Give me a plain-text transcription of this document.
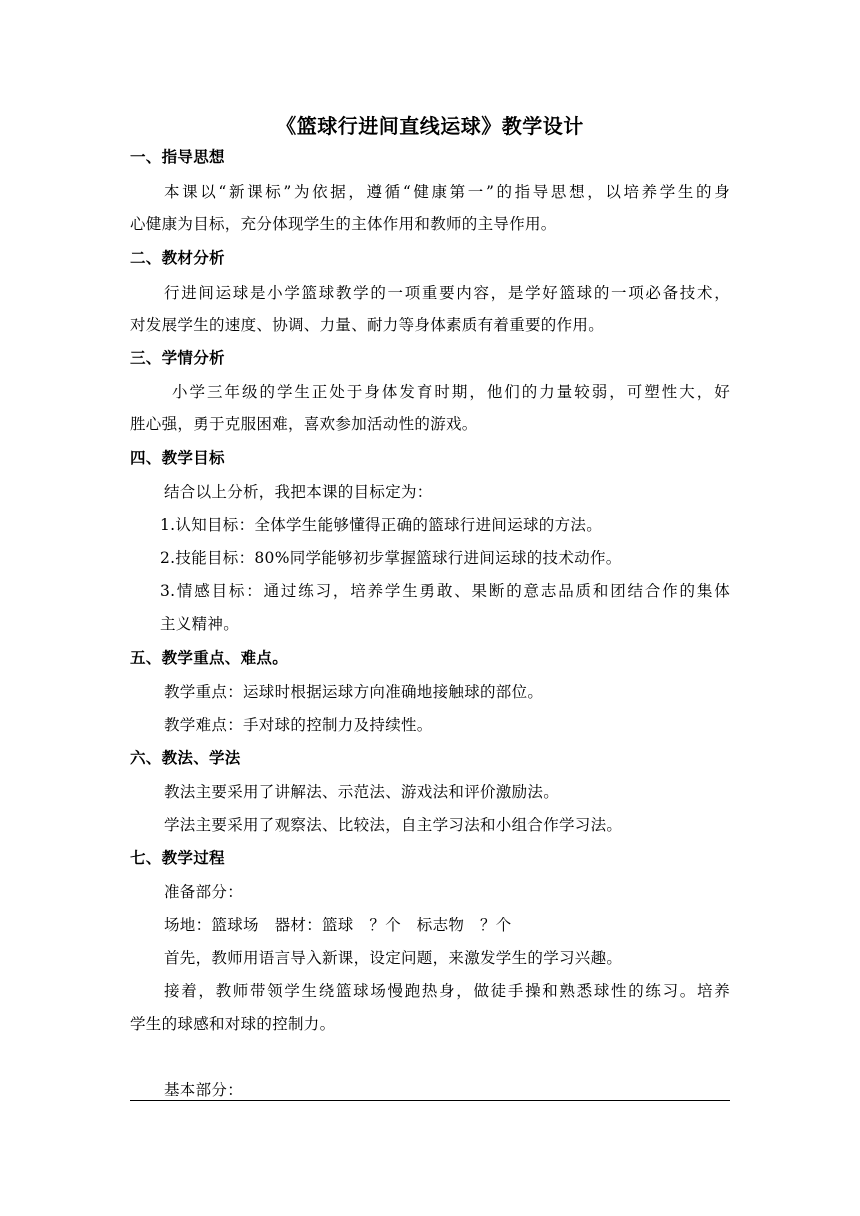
《篮球行进间直线运球》教学设计
一、指导思想
本课以“新课标”为依据，遵循“健康第一”的指导思想，以培养学生的身
心健康为目标，充分体现学生的主体作用和教师的主导作用。
二、教材分析
行进间运球是小学篮球教学的一项重要内容，是学好篮球的一项必备技术，
对发展学生的速度、协调、力量、耐力等身体素质有着重要的作用。
三、学情分析
小学三年级的学生正处于身体发育时期，他们的力量较弱，可塑性大，好
胜心强，勇于克服困难，喜欢参加活动性的游戏。
四、教学目标
结合以上分析，我把本课的目标定为：
1.认知目标：全体学生能够懂得正确的篮球行进间运球的方法。
2.技能目标：80%同学能够初步掌握篮球行进间运球的技术动作。
3.情感目标：通过练习，培养学生勇敢、果断的意志品质和团结合作的集体
主义精神。
五、教学重点、难点。
教学重点：运球时根据运球方向准确地接触球的部位。
教学难点：手对球的控制力及持续性。
六、教法、学法
教法主要采用了讲解法、示范法、游戏法和评价激励法。
学法主要采用了观察法、比较法，自主学习法和小组合作学习法。
七、教学过程
准备部分：
场地：篮球场　器材：篮球　？个　标志物　？个
首先，教师用语言导入新课，设定问题，来激发学生的学习兴趣。
接着，教师带领学生绕篮球场慢跑热身，做徒手操和熟悉球性的练习。培养
学生的球感和对球的控制力。
基本部分：
